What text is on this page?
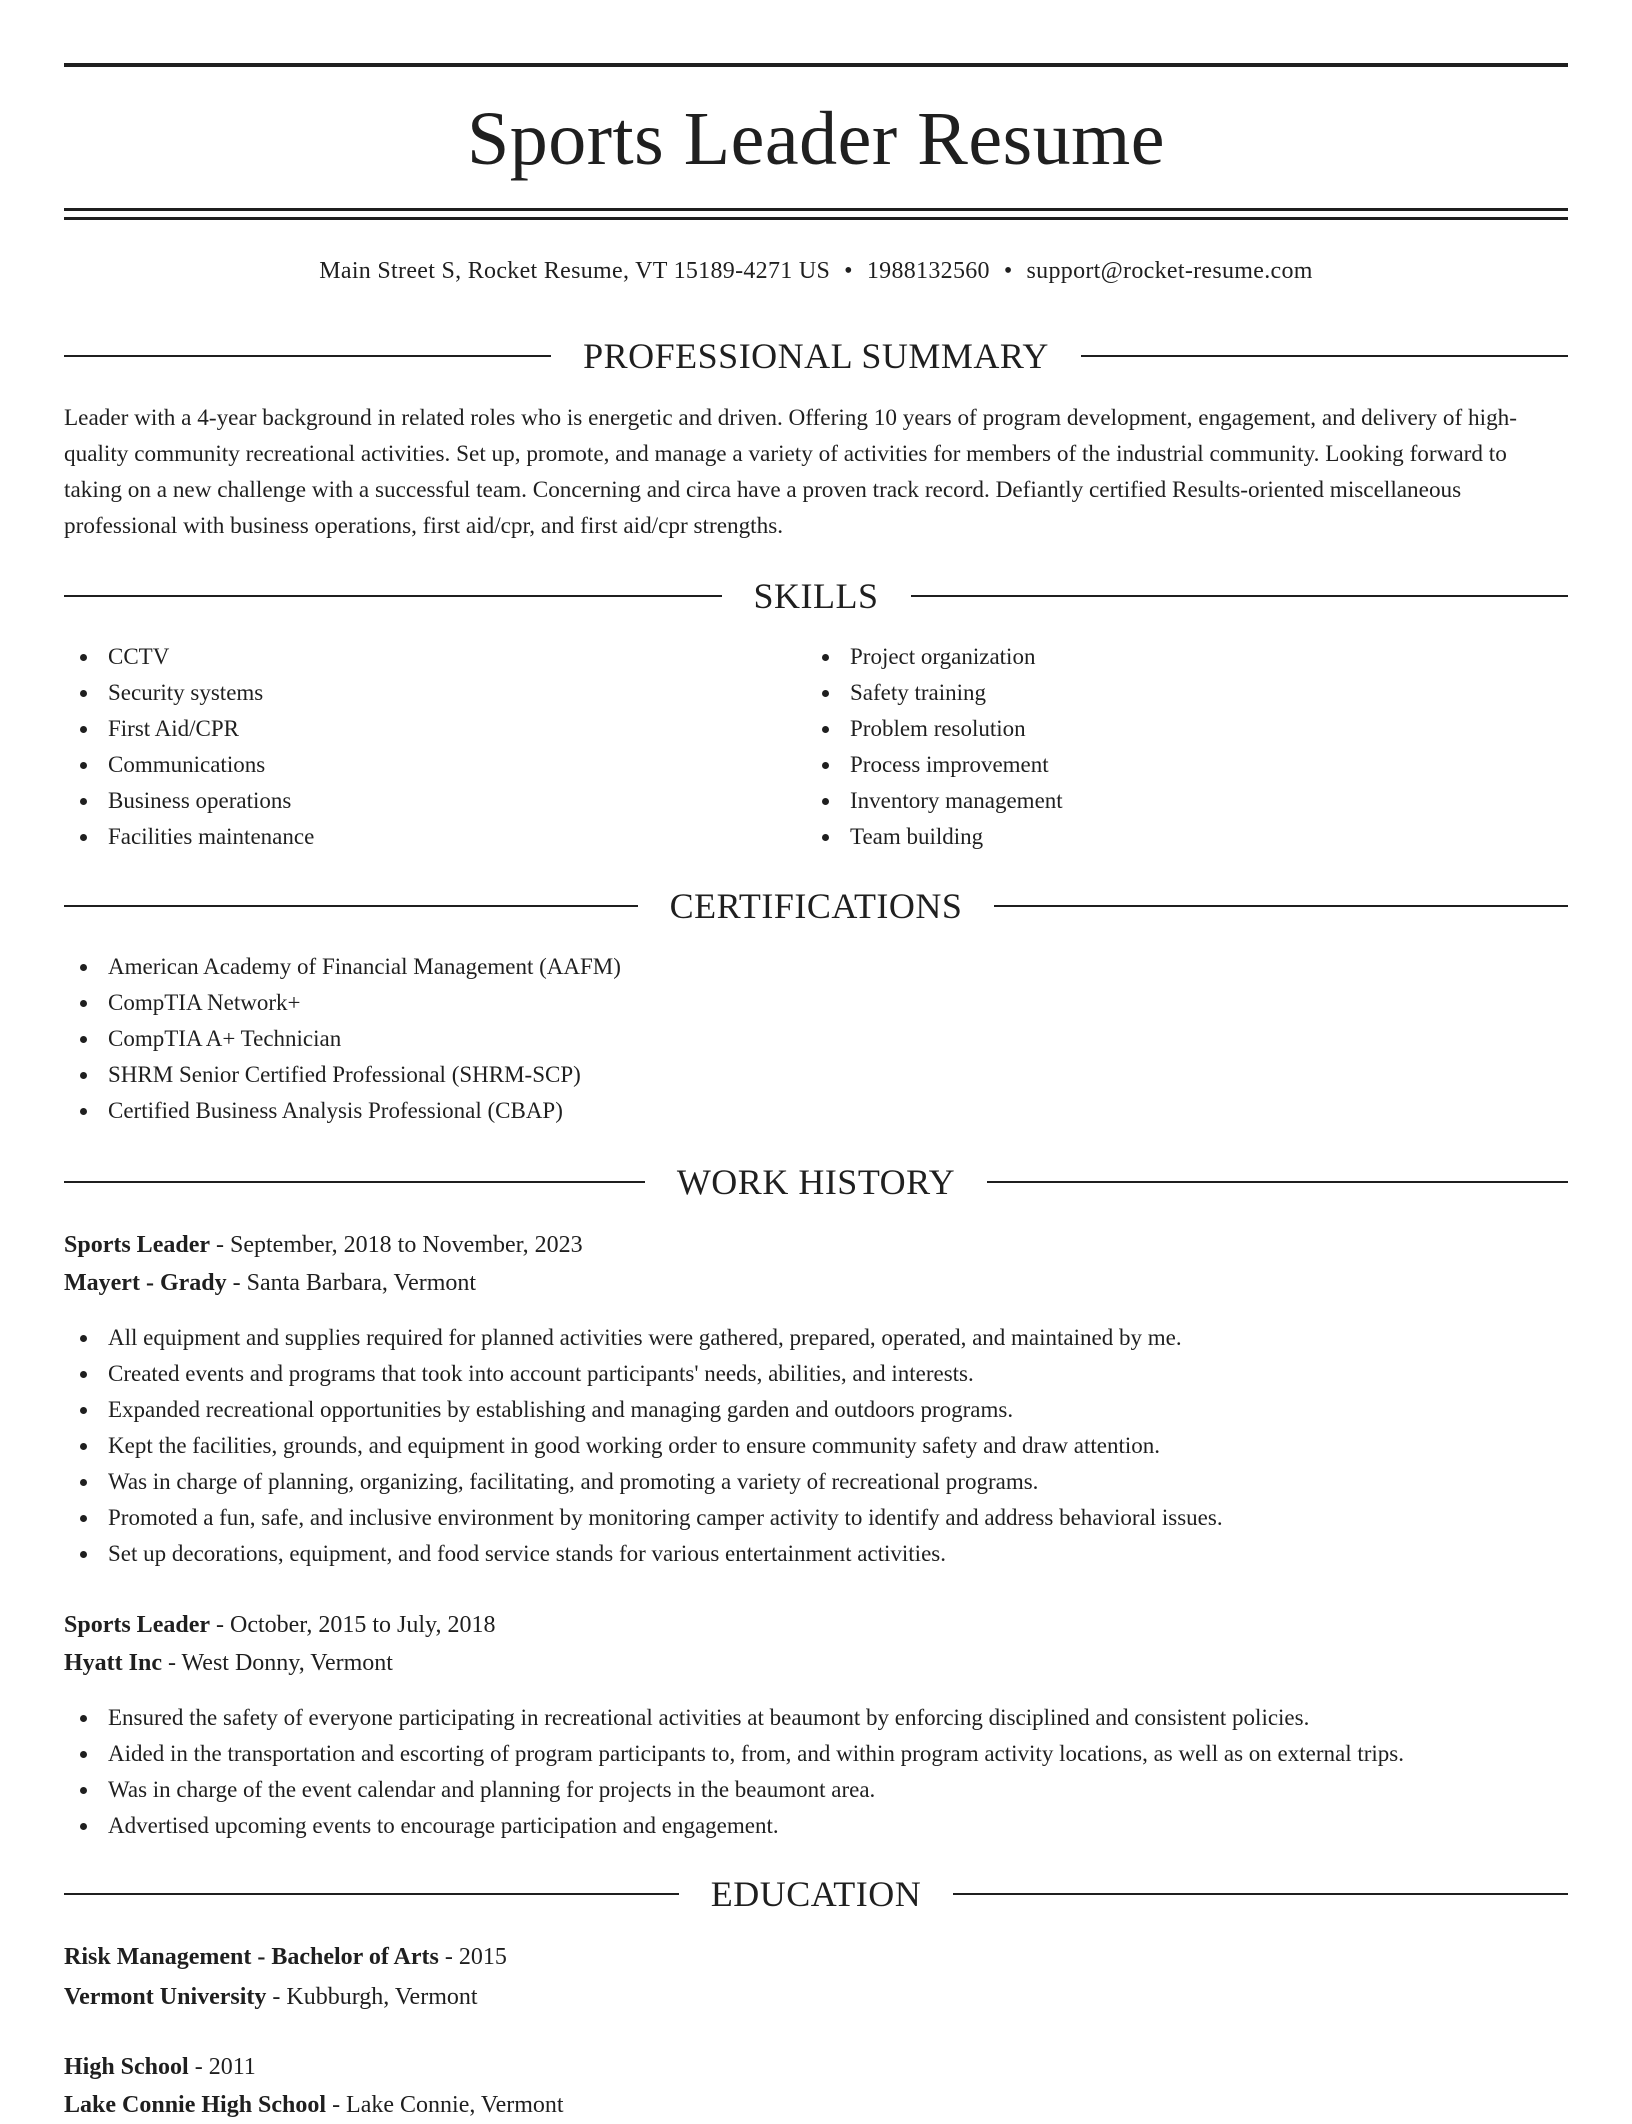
Sports Leader Resume
Main Street S, Rocket Resume, VT 15189-4271 US • 1988132560 • support@rocket-resume.com
PROFESSIONAL SUMMARY

Leader with a 4-year background in related roles who is energetic and driven. Offering 10 years of program development, engagement, and delivery of high-quality community recreational activities. Set up, promote, and manage a variety of activities for members of the industrial community. Looking forward to taking on a new challenge with a successful team. Concerning and circa have a proven track record. Defiantly certified Results-oriented miscellaneous professional with business operations, first aid/cpr, and first aid/cpr strengths.

SKILLS
CCTV
Security systems
First Aid/CPR
Communications
Business operations
Facilities maintenance
Project organization
Safety training
Problem resolution
Process improvement
Inventory management
Team building
CERTIFICATIONS
American Academy of Financial Management (AAFM)
CompTIA Network+
CompTIA A+ Technician
SHRM Senior Certified Professional (SHRM-SCP)
Certified Business Analysis Professional (CBAP)
WORK HISTORY
Sports Leader - September, 2018 to November, 2023
Mayert - Grady - Santa Barbara, Vermont
All equipment and supplies required for planned activities were gathered, prepared, operated, and maintained by me.
Created events and programs that took into account participants' needs, abilities, and interests.
Expanded recreational opportunities by establishing and managing garden and outdoors programs.
Kept the facilities, grounds, and equipment in good working order to ensure community safety and draw attention.
Was in charge of planning, organizing, facilitating, and promoting a variety of recreational programs.
Promoted a fun, safe, and inclusive environment by monitoring camper activity to identify and address behavioral issues.
Set up decorations, equipment, and food service stands for various entertainment activities.
Sports Leader - October, 2015 to July, 2018
Hyatt Inc - West Donny, Vermont
Ensured the safety of everyone participating in recreational activities at beaumont by enforcing disciplined and consistent policies.
Aided in the transportation and escorting of program participants to, from, and within program activity locations, as well as on external trips.
Was in charge of the event calendar and planning for projects in the beaumont area.
Advertised upcoming events to encourage participation and engagement.
EDUCATION
Risk Management - Bachelor of Arts - 2015
Vermont University - Kubburgh, Vermont
High School - 2011
Lake Connie High School - Lake Connie, Vermont
